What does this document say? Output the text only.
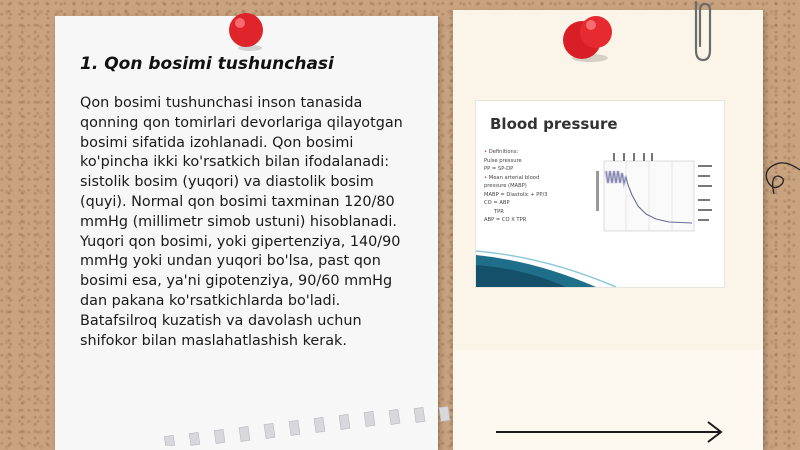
1. Qon bosimi tushunchasi
Qon bosimi tushunchasi inson tanasida
qonning qon tomirlari devorlariga qilayotgan
bosimi sifatida izohlanadi. Qon bosimi
ko'pincha ikki ko'rsatkich bilan ifodalanadi:
sistolik bosim (yuqori) va diastolik bosim
(quyi). Normal qon bosimi taxminan 120/80
mmHg (millimetr simob ustuni) hisoblanadi.
Yuqori qon bosimi, yoki gipertenziya, 140/90
mmHg yoki undan yuqori bo'lsa, past qon
bosimi esa, ya'ni gipotenziya, 90/60 mmHg
dan pakana ko'rsatkichlarda bo'ladi.
Batafsilroq kuzatish va davolash uchun
shifokor bilan maslahatlashish kerak.
Blood pressure
• Definitions:
Pulse pressure
PP = SP-DP
• Mean arterial blood
pressure (MABP)
MABP = Diastolic + PP/3
CO = ABP
TPR
ABP = CO X TPR
